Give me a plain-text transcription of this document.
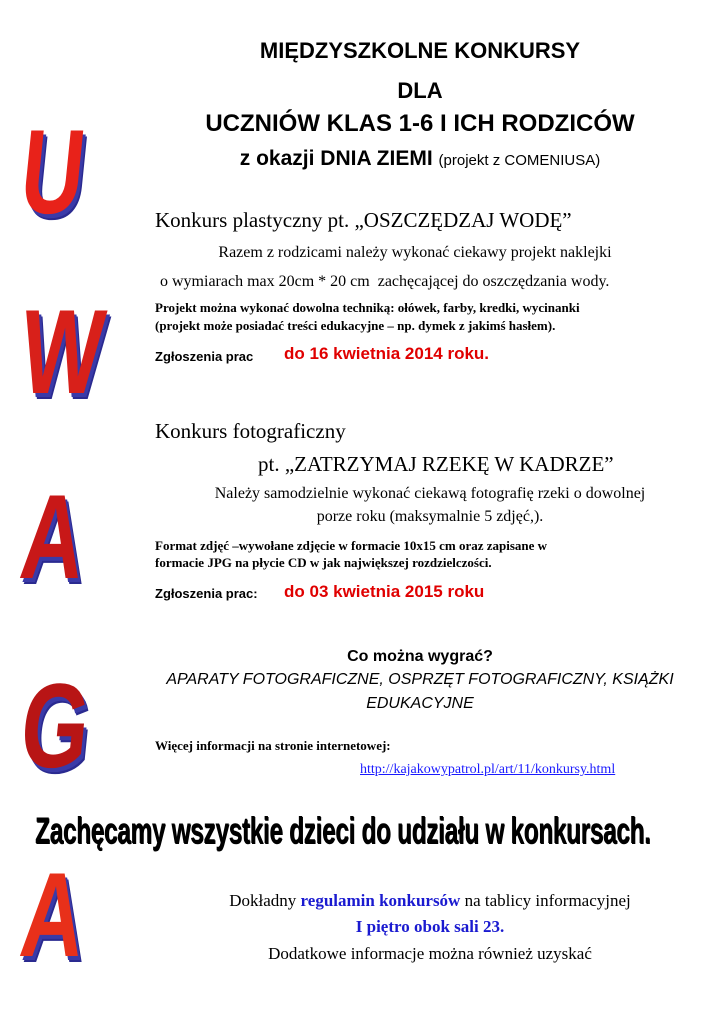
MIĘDZYSZKOLNE KONKURSY
DLA
UCZNIÓW KLAS 1-6 I ICH RODZICÓW
z okazji DNIA ZIEMI (projekt z COMENIUSA)
U
W
A
G
A
Konkurs plastyczny pt. „OSZCZĘDZAJ WODĘ”
Razem z rodzicami należy wykonać ciekawy projekt naklejki
o wymiarach max 20cm * 20 cm  zachęcającej do oszczędzania wody.
Projekt można wykonać dowolna techniką: ołówek, farby, kredki, wycinanki
(projekt może posiadać treści edukacyjne – np. dymek z jakimś hasłem).
Zgłoszenia prac do 16 kwietnia 2014 roku.
Konkurs fotograficzny
pt. „ZATRZYMAJ RZEKĘ W KADRZE”
Należy samodzielnie wykonać ciekawą fotografię rzeki o dowolnej
porze roku (maksymalnie 5 zdjęć,).
Format zdjęć –wywołane zdjęcie w formacie 10x15 cm oraz zapisane w
formacie JPG na płycie CD w jak największej rozdzielczości.
Zgłoszenia prac: do 03 kwietnia 2015 roku
Co można wygrać?
APARATY FOTOGRAFICZNE, OSPRZĘT FOTOGRAFICZNY, KSIĄŻKI
EDUKACYJNE
Więcej informacji na stronie internetowej:
http://kajakowypatrol.pl/art/11/konkursy.html
Zachęcamy wszystkie dzieci do udziału w konkursach.
Dokładny regulamin konkursów na tablicy informacyjnej
I piętro obok sali 23.
Dodatkowe informacje można również uzyskać
